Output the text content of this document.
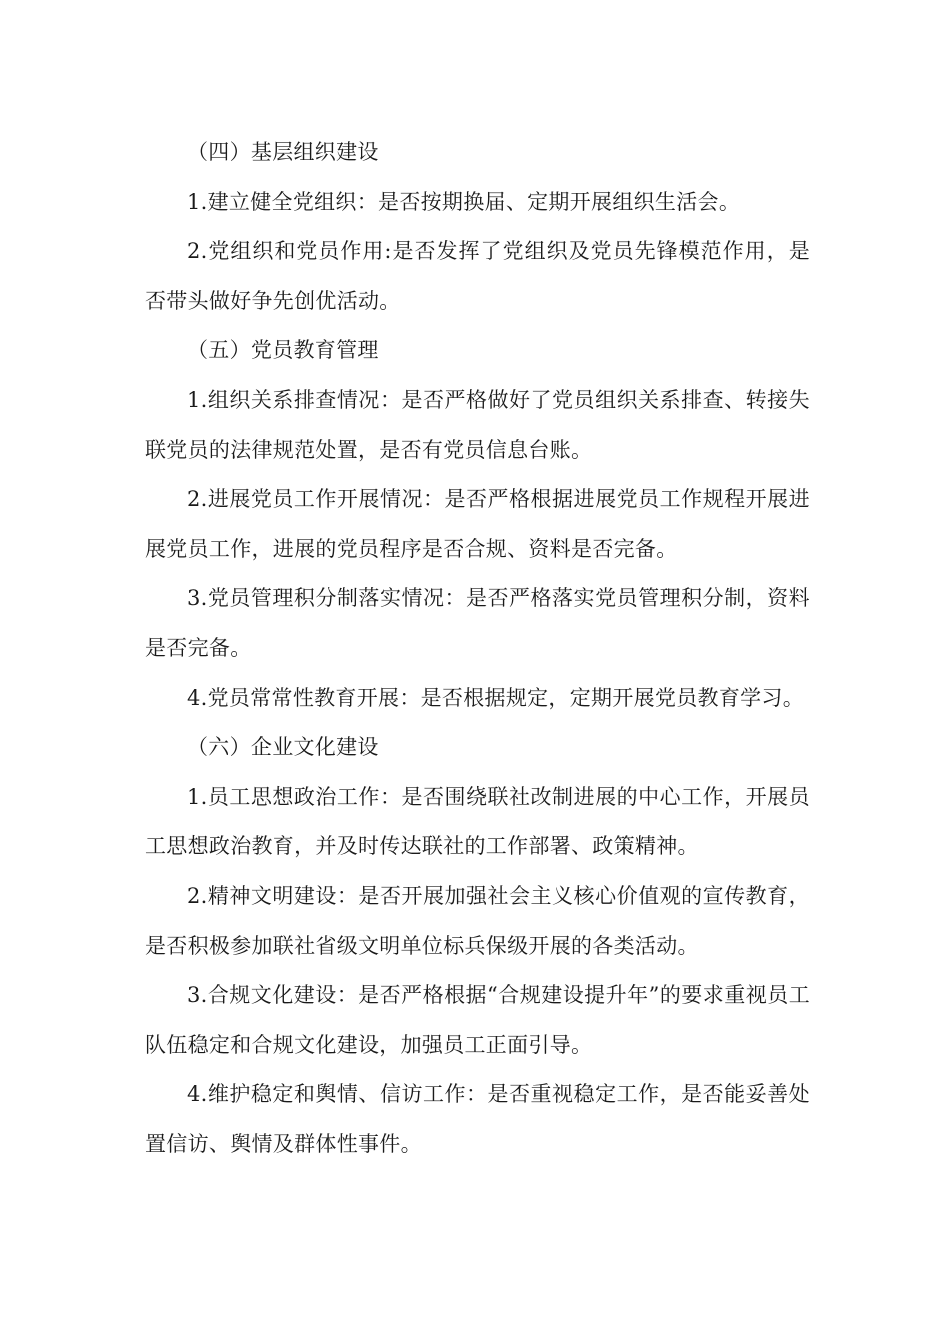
（四）基层组织建设

1.建立健全党组织：是否按期换届、定期开展组织生活会。

2.党组织和党员作用:是否发挥了党组织及党员先锋模范作用，是否带头做好争先创优活动。

（五）党员教育管理

1.组织关系排查情况：是否严格做好了党员组织关系排查、转接失联党员的法律规范处置，是否有党员信息台账。

2.进展党员工作开展情况：是否严格根据进展党员工作规程开展进展党员工作，进展的党员程序是否合规、资料是否完备。

3.党员管理积分制落实情况：是否严格落实党员管理积分制，资料是否完备。

4.党员常常性教育开展：是否根据规定，定期开展党员教育学习。

（六）企业文化建设

1.员工思想政治工作：是否围绕联社改制进展的中心工作，开展员工思想政治教育，并及时传达联社的工作部署、政策精神。

2.精神文明建设：是否开展加强社会主义核心价值观的宣传教育，是否积极参加联社省级文明单位标兵保级开展的各类活动。

3.合规文化建设：是否严格根据“合规建设提升年”的要求重视员工队伍稳定和合规文化建设，加强员工正面引导。

4.维护稳定和舆情、信访工作：是否重视稳定工作，是否能妥善处置信访、舆情及群体性事件。
